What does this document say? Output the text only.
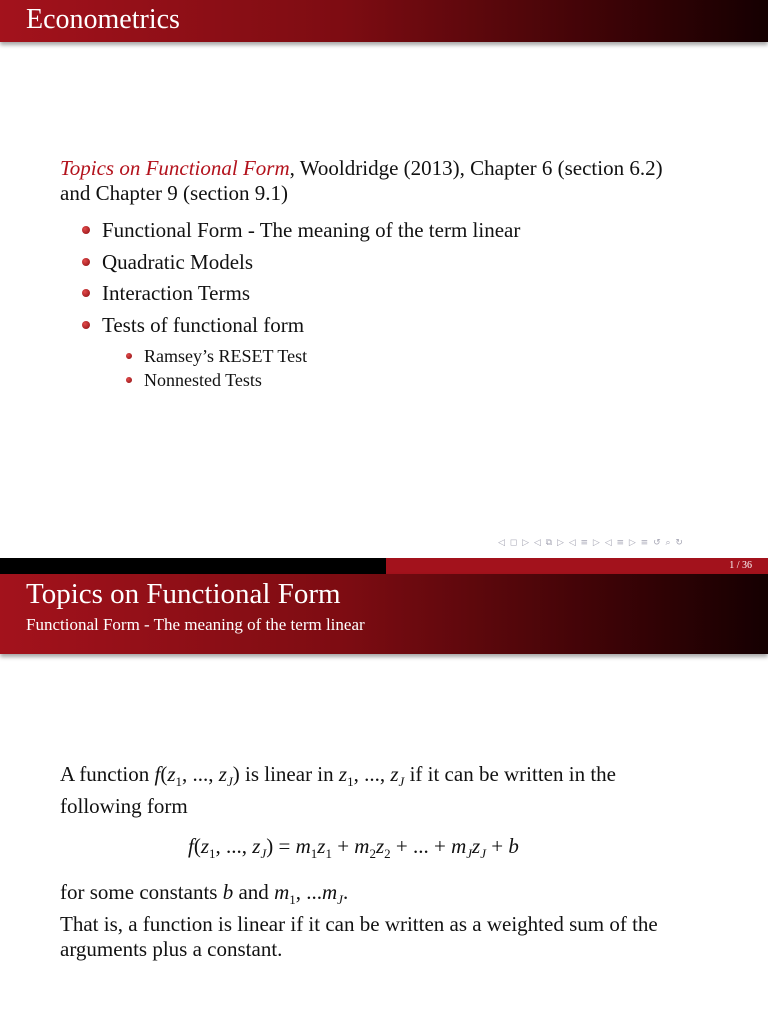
Econometrics
Topics on Functional Form, Wooldridge (2013), Chapter 6 (section 6.2)
and Chapter 9 (section 9.1)
Functional Form - The meaning of the term linear
Quadratic Models
Interaction Terms
Tests of functional form
Ramsey’s RESET Test
Nonnested Tests
◁ ◻ ▷ ◁ ⧉ ▷ ◁ ≡ ▷ ◁ ≡ ▷ ≡ ↺ ⌕ ↻
1 / 36
Topics on Functional Form
Functional Form - The meaning of the term linear
A function $f(z_1$, ..., $z_J$) is linear in $z_1$, ..., $z_J$ if it can be written in the
following form
$f(z_1$, ..., $z_J) = m_1z_1 + m_2z_2$ + ... + $m_Jz_J + b$
for some constants b and $m_1$, $...m_J$.
That is, a function is linear if it can be written as a weighted sum of the arguments plus a constant.
